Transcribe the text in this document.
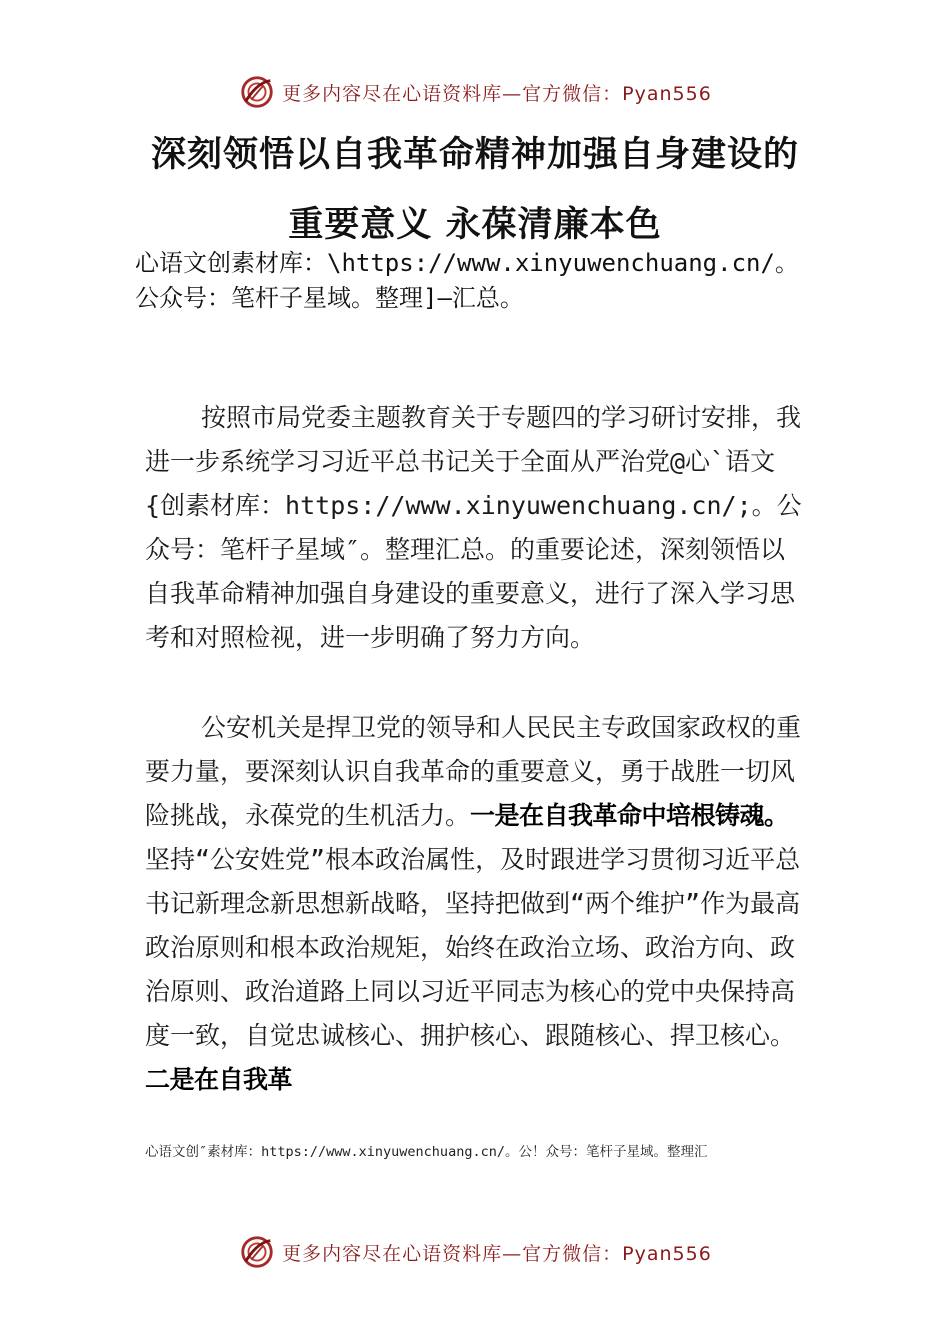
更多内容尽在心语资料库—官方微信：Pyan556
深刻领悟以自我革命精神加强自身建设的
重要意义 永葆清廉本色
心语文创素材库：\https://www.xinyuwenchuang.cn/。公众号：笔杆子星域。整理]—汇总。
按照市局党委主题教育关于专题四的学习研讨安排，我进一步系统学习习近平总书记关于全面从严治党@心`语文{创素材库：https://www.xinyuwenchuang.cn/;。公众号：笔杆子星域″。整理汇总。的重要论述，深刻领悟以自我革命精神加强自身建设的重要意义，进行了深入学习思考和对照检视，进一步明确了努力方向。
公安机关是捍卫党的领导和人民民主专政国家政权的重要力量，要深刻认识自我革命的重要意义，勇于战胜一切风险挑战，永葆党的生机活力。一是在自我革命中培根铸魂。坚持“公安姓党”根本政治属性，及时跟进学习贯彻习近平总书记新理念新思想新战略，坚持把做到“两个维护”作为最高政治原则和根本政治规矩，始终在政治立场、政治方向、政治原则、政治道路上同以习近平同志为核心的党中央保持高度一致，自觉忠诚核心、拥护核心、跟随核心、捍卫核心。二是在自我革
心语文创″素材库：https://www.xinyuwenchuang.cn/。公！众号：笔杆子星域。整理汇
更多内容尽在心语资料库—官方微信：Pyan556
